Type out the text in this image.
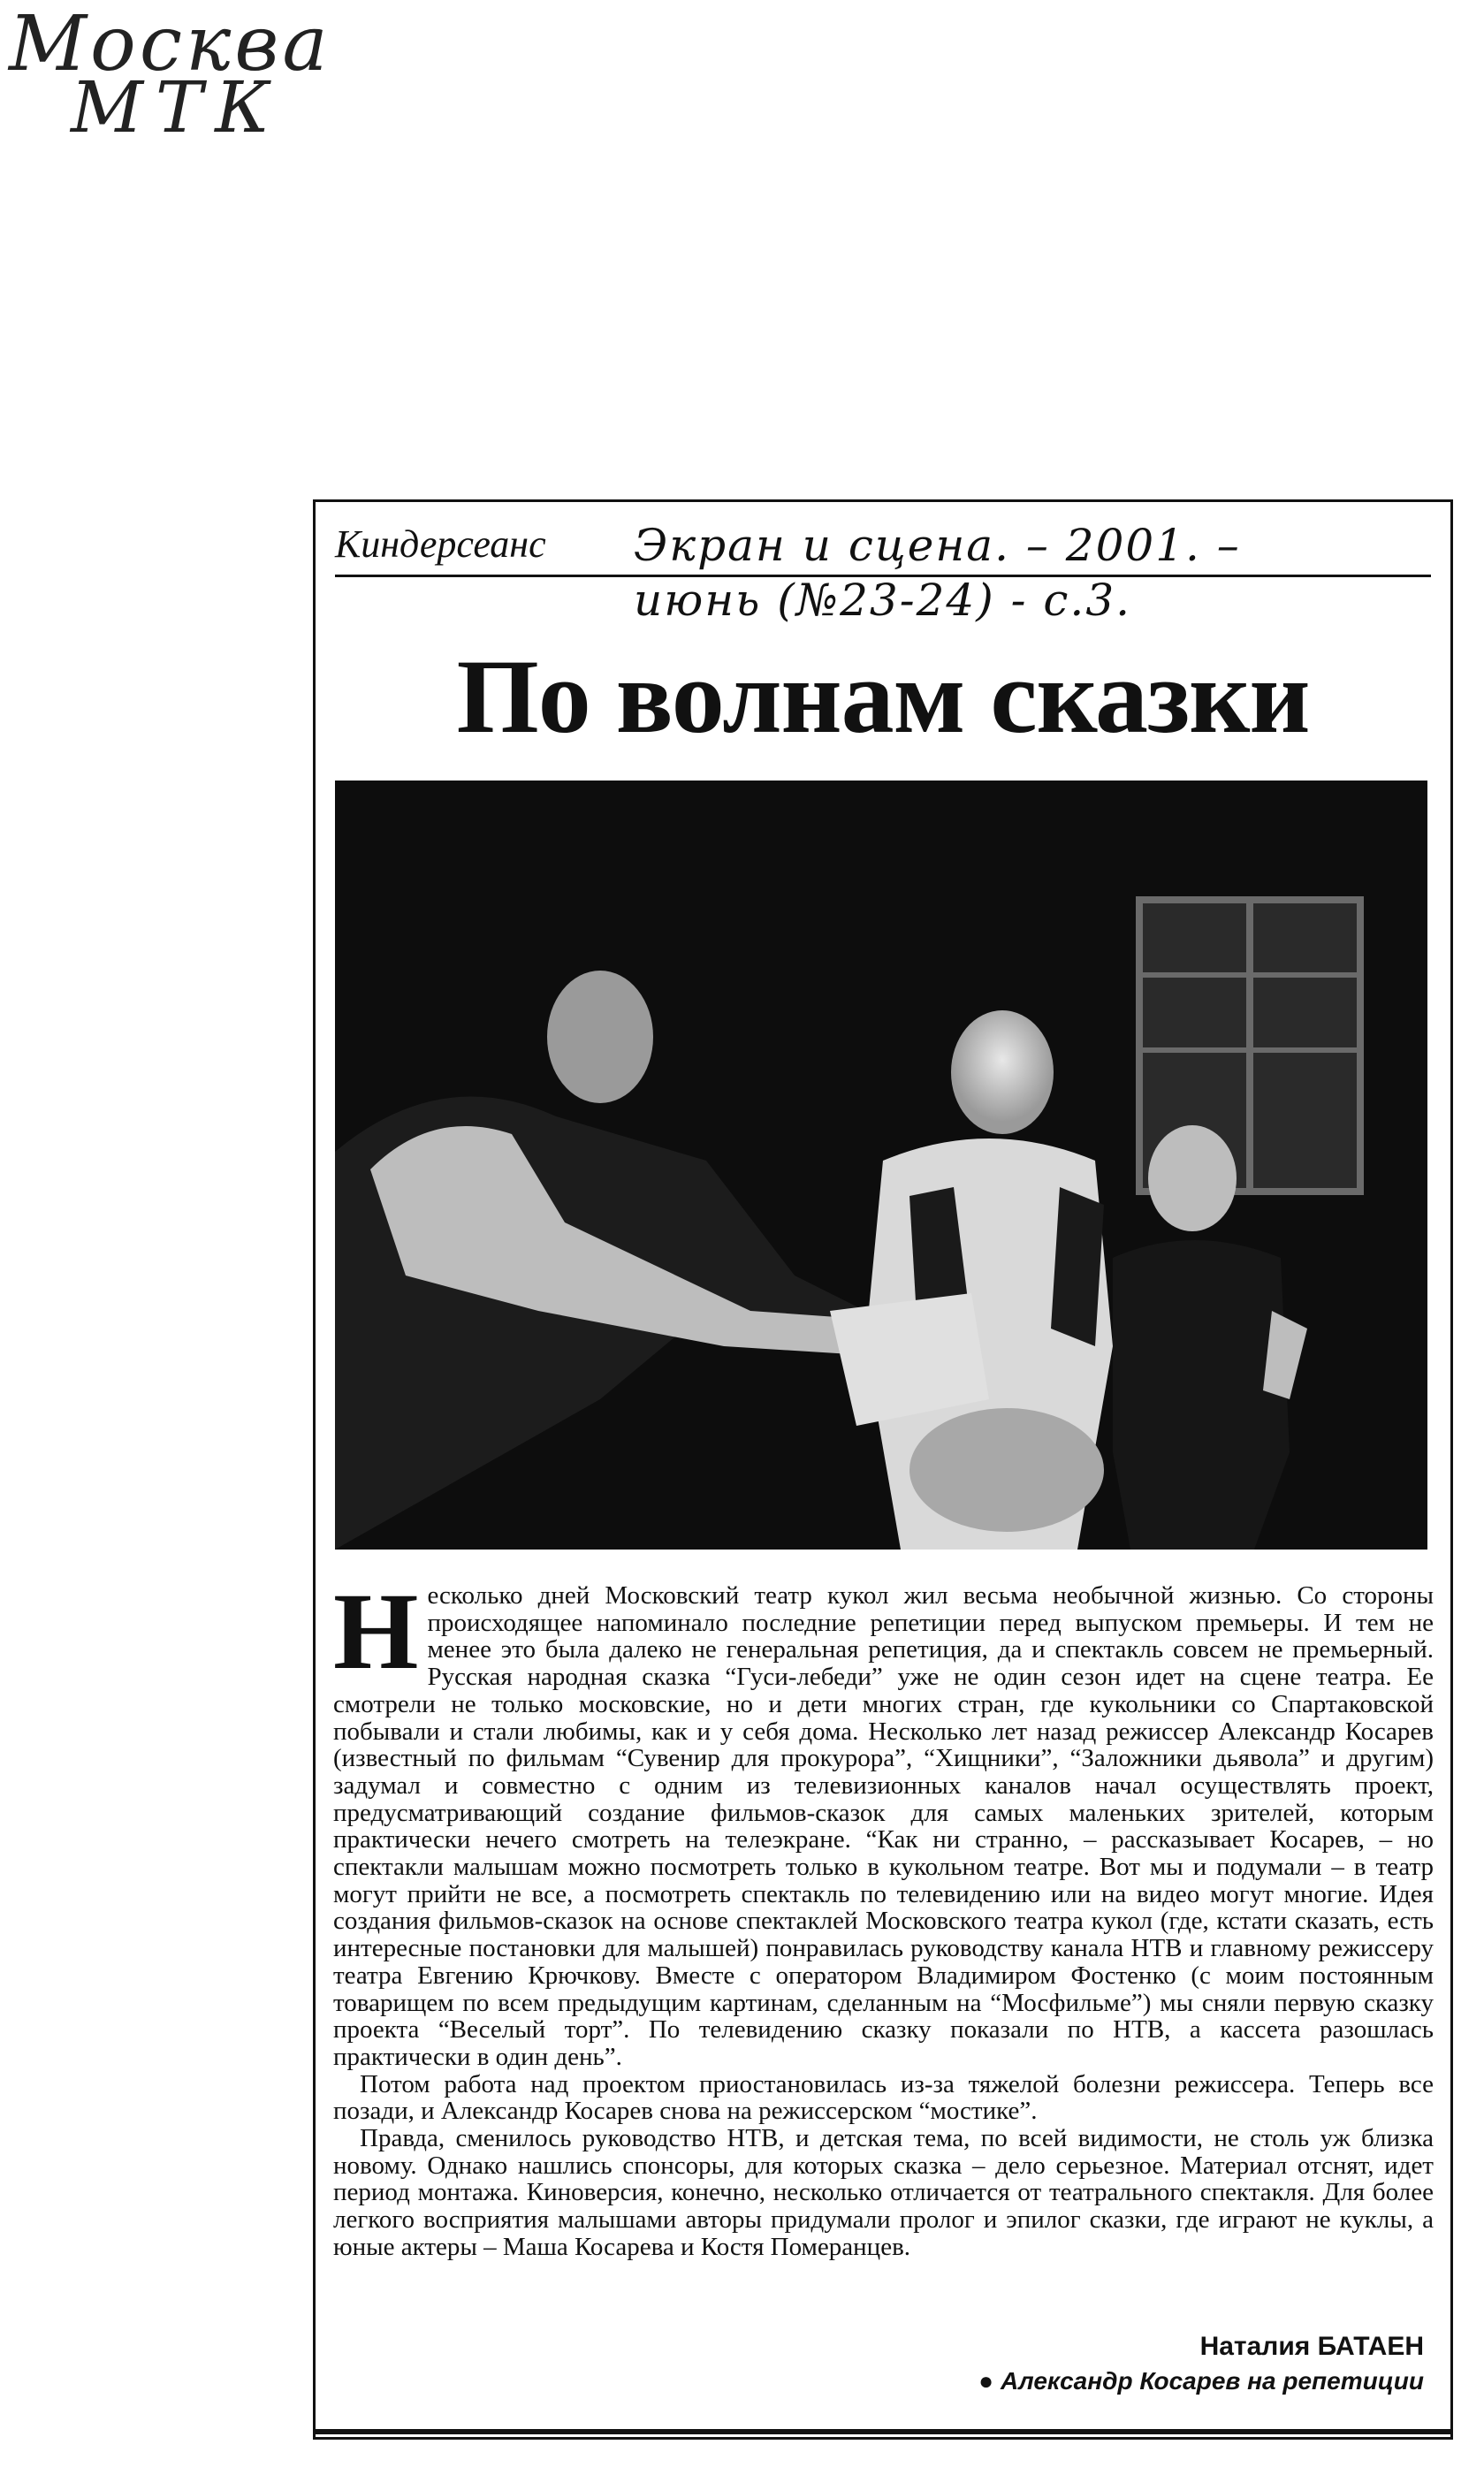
Москва
МТК
Киндерсеанс Экран и сцена. – 2001. –
июнь (№23-24) - с.3.
По волнам сказки

Несколько дней Московский театр кукол жил весьма необычной жизнью. Со стороны происходящее напоминало последние репетиции перед выпуском премьеры. И тем не менее это была далеко не генеральная репетиция, да и спектакль совсем не премьерный. Русская народная сказка “Гуси-лебеди” уже не один сезон идет на сцене театра. Ее смотрели не только московские, но и дети многих стран, где кукольники со Спартаковской побывали и стали любимы, как и у себя дома. Несколько лет назад режиссер Александр Косарев (известный по фильмам “Сувенир для прокурора”, “Хищники”, “Заложники дьявола” и другим) задумал и совместно с одним из телевизионных каналов начал осуществлять проект, предусматривающий создание фильмов-сказок для самых маленьких зрителей, которым практически нечего смотреть на телеэкране. “Как ни странно, – рассказывает Косарев, – но спектакли малышам можно посмотреть только в кукольном театре. Вот мы и подумали – в театр могут прийти не все, а посмотреть спектакль по телевидению или на видео могут многие. Идея создания фильмов-сказок на основе спектаклей Московского театра кукол (где, кстати сказать, есть интересные постановки для малышей) понравилась руководству канала НТВ и главному режиссеру театра Евгению Крючкову. Вместе с оператором Владимиром Фостенко (с моим постоянным товарищем по всем предыдущим картинам, сделанным на “Мосфильме”) мы сняли первую сказку проекта “Веселый торт”. По телевидению сказку показали по НТВ, а кассета разошлась практически в один день”.

Потом работа над проектом приостановилась из-за тяжелой болезни режиссера. Теперь все позади, и Александр Косарев снова на режиссерском “мостике”.

Правда, сменилось руководство НТВ, и детская тема, по всей видимости, не столь уж близка новому. Однако нашлись спонсоры, для которых сказка – дело серьезное. Материал отснят, идет период монтажа. Киноверсия, конечно, несколько отличается от театрального спектакля. Для более легкого восприятия малышами авторы придумали пролог и эпилог сказки, где играют не куклы, а юные актеры – Маша Косарева и Костя Померанцев.

Наталия БАТАЕН
● Александр Косарев на репетиции
